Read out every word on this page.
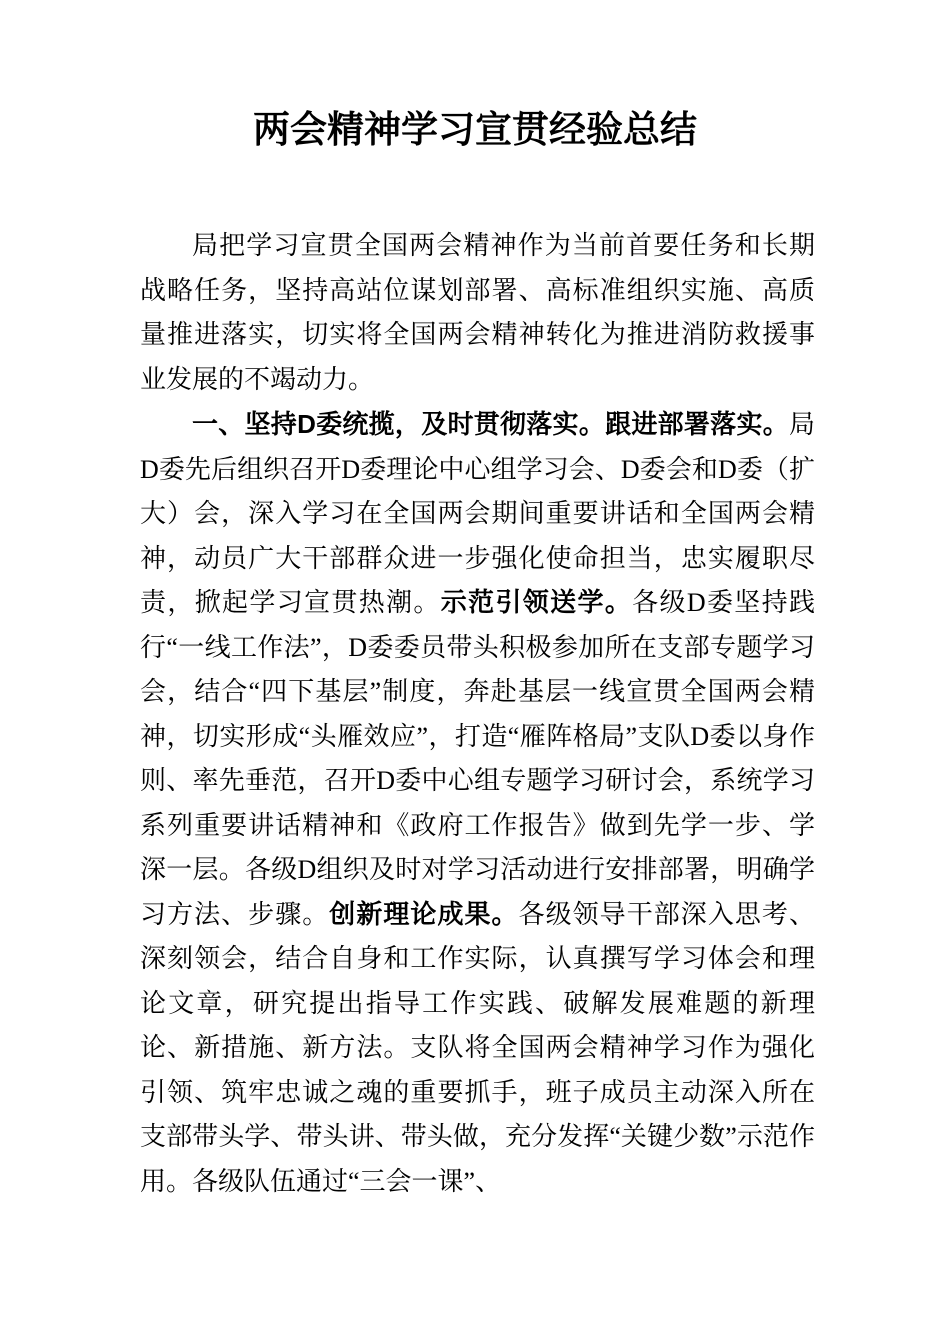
两会精神学习宣贯经验总结

局把学习宣贯全国两会精神作为当前首要任务和长期战略任务，坚持高站位谋划部署、高标准组织实施、高质量推进落实，切实将全国两会精神转化为推进消防救援事业发展的不竭动力。

一、坚持D委统揽，及时贯彻落实。跟进部署落实。局D委先后组织召开D委理论中心组学习会、D委会和D委（扩大）会，深入学习在全国两会期间重要讲话和全国两会精神，动员广大干部群众进一步强化使命担当，忠实履职尽责，掀起学习宣贯热潮。示范引领送学。各级D委坚持践行“一线工作法”，D委委员带头积极参加所在支部专题学习会，结合“四下基层”制度，奔赴基层一线宣贯全国两会精神，切实形成“头雁效应”，打造“雁阵格局”支队D委以身作则、率先垂范，召开D委中心组专题学习研讨会，系统学习系列重要讲话精神和《政府工作报告》做到先学一步、学深一层。各级D组织及时对学习活动进行安排部署，明确学习方法、步骤。创新理论成果。各级领导干部深入思考、深刻领会，结合自身和工作实际，认真撰写学习体会和理论文章，研究提出指导工作实践、破解发展难题的新理论、新措施、新方法。支队将全国两会精神学习作为强化引领、筑牢忠诚之魂的重要抓手，班子成员主动深入所在支部带头学、带头讲、带头做，充分发挥“关键少数”示范作用。各级队伍通过“三会一课”、
